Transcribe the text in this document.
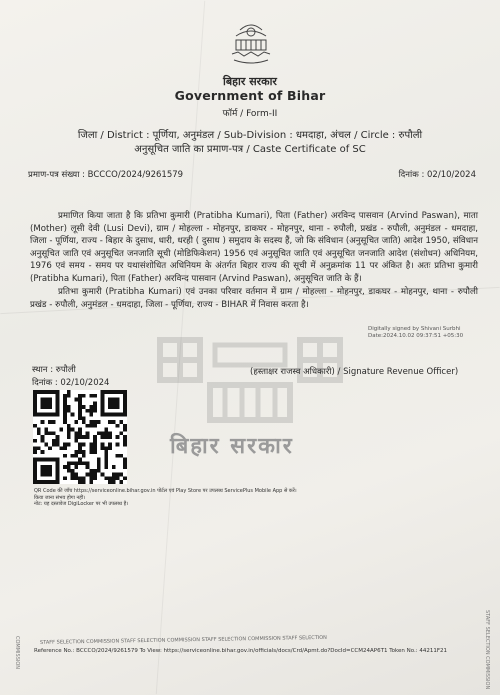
बिहार सरकार
Government of Bihar
फॉर्म / Form-II
जिला / District : पूर्णिया, अनुमंडल / Sub-Division : धमदाहा, अंचल / Circle : रुपौली
अनुसूचित जाति का प्रमाण-पत्र / Caste Certificate of SC
प्रमाण-पत्र संख्या : BCCCO/2024/9261579	दिनांक : 02/10/2024
प्रमाणित किया जाता है कि प्रतिभा कुमारी (Pratibha Kumari), पिता (Father) अरविन्द पासवान (Arvind Paswan), माता (Mother) लूसी देवी (Lusi Devi), ग्राम / मोहल्ला - मोहनपुर, डाकघर - मोहनपुर, थाना - रुपौली, प्रखंड - रुपौली, अनुमंडल - धमदाहा, जिला - पूर्णिया, राज्य - बिहार के दुसाध, धारी, धरही ( दुसाध ) समुदाय के सदस्य हैं, जो कि संविधान (अनुसूचित जाति) आदेश 1950, संविधान अनुसूचित जाति एवं अनुसूचित जनजाति सूची (मोडिफिकेशन) 1956 एवं अनुसूचित जाति एवं अनुसूचित जनजाति आदेश (संशोधन) अधिनियम, 1976 एवं समय - समय पर यथासंशोधित अधिनियम के अंतर्गत बिहार राज्य की सूची में अनुक्रमांक 11 पर अंकित है। अतः प्रतिभा कुमारी (Pratibha Kumari), पिता (Father) अरविन्द पासवान (Arvind Paswan), अनुसूचित जाति के हैं।
प्रतिभा कुमारी (Pratibha Kumari) एवं उनका परिवार वर्तमान में ग्राम / मोहल्ला - मोहनपुर, डाकघर - मोहनपुर, थाना - रुपौली प्रखंड - रुपौली, अनुमंडल - धमदाहा, जिला - पूर्णिया, राज्य - BIHAR में निवास करता है।
Digitally signed by Shivani Surbhi
Date:2024.10.02 09:37:51 +05:30
बिहार सरकार
स्थान : रुपौली
दिनांक : 02/10/2024
(हस्ताक्षर राजस्व अधिकारी) / Signature Revenue Officer)
QR Code की जाँच https://serviceonline.bihar.gov.in पोर्टल एवं Play Store पर उपलब्ध ServicePlus Mobile App से करें।
किया जाना संभव होगा नहीं।
नोट: यह दस्तावेज DigiLocker पर भी उपलब्ध है।
STAFF SELECTION COMMISSION STAFF SELECTION COMMISSION STAFF SELECTION COMMISSION STAFF SELECTION
Reference No.: BCCCO/2024/9261579 To View: https://serviceonline.bihar.gov.in/officials/docs/Crd/Apmt.do?DocId=CCM24AP6T1 Token No.: 44211F21
COMMISSION	STAFF SELECTION COMMISSION
